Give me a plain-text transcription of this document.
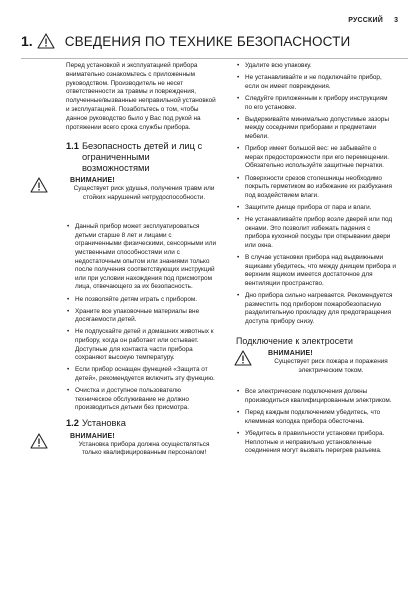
РУССКИЙ 3
1. СВЕДЕНИЯ ПО ТЕХНИКЕ БЕЗОПАСНОСТИ

Перед установкой и эксплуатацией прибора внимательно ознакомьтесь с приложенным руководством. Производитель не несет ответственности за травмы и повреждения, полученные/вызванные неправильной установкой и эксплуатацией. Позаботьтесь о том, чтобы данное руководство было у Вас под рукой на протяжении всего срока службы прибора.

1.1 Безопасность детей и лиц с ограниченными возможностями
ВНИМАНИЕ!
Существует риск удушья, получения травм или стойких нарушений нетрудоспособности.
• Данный прибор может эксплуатироваться детьми старше 8 лет и лицами с ограниченными физическими, сенсорными или умственными способностями или с недостаточным опытом или знаниями только после получения соответствующих инструкций или при условии нахождения под присмотром лица, отвечающего за их безопасность.
• Не позволяйте детям играть с прибором.
• Храните все упаковочные материалы вне досягаемости детей.
• Не подпускайте детей и домашних животных к прибору, когда он работает или остывает. Доступные для контакта части прибора сохраняют высокую температуру.
• Если прибор оснащен функцией «Защита от детей», рекомендуется включить эту функцию.
• Очистка и доступное пользователю техническое обслуживание не должно производиться детьми без присмотра.
1.2 Установка
ВНИМАНИЕ!
Установка прибора должна осуществляться только квалифицированным персоналом!
• Удалите всю упаковку.
• Не устанавливайте и не подключайте прибор, если он имеет повреждения.
• Следуйте приложенным к прибору инструкциям по его установке.
• Выдерживайте минимально допустимые зазоры между соседними приборами и предметами мебели.
• Прибор имеет большой вес: не забывайте о мерах предосторожности при его перемещении. Обязательно используйте защитные перчатки.
• Поверхности срезов столешницы необходимо покрыть герметиком во избежание их разбухания под воздействием влаги.
• Защитите днище прибора от пара и влаги.
• Не устанавливайте прибор возле дверей или под окнами. Это позволит избежать падения с прибора кухонной посуды при открывании двери или окна.
• В случае установки прибора над выдвижными ящиками убедитесь, что между днищем прибора и верхним ящиком имеется достаточное для вентиляции пространство.
• Дно прибора сильно нагревается. Рекомендуется разместить под прибором пожаробезопасную разделительную прокладку для предотвращения доступа прибору снизу.
Подключение к электросети
ВНИМАНИЕ!
Существует риск пожара и поражения электрическим током.
• Все электрические подключения должны производиться квалифицированным электриком.
• Перед каждым подключением убедитесь, что клеммная колодка прибора обесточена.
• Убедитесь в правильности установки прибора. Неплотные и неправильно установленные соединения могут вызвать перегрев разъема.
